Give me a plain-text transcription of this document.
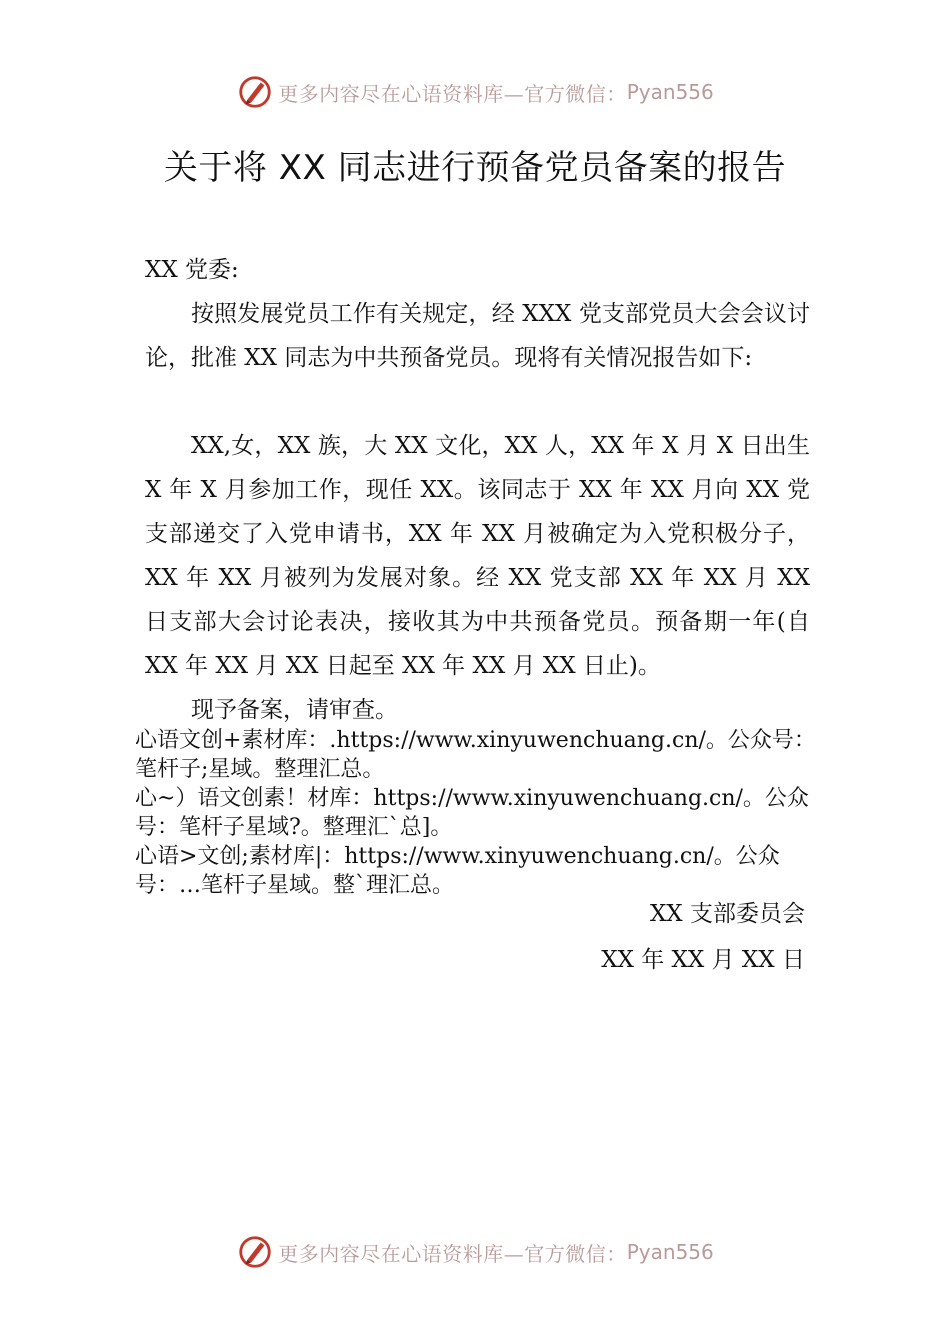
更多内容尽在心语资料库—官方微信： Pyan556
关于将 XX 同志进行预备党员备案的报告
XX 党委:

按照发展党员工作有关规定，经 XXX 党支部党员大会会议讨论，批准 XX 同志为中共预备党员。现将有关情况报告如下:

XX,女，XX 族，大 XX 文化，XX 人，XX 年 X 月 X 日出生 X 年 X 月参加工作，现任 XX。该同志于 XX 年 XX 月向 XX 党支部递交了入党申请书，XX 年 XX 月被确定为入党积极分子，XX 年 XX 月被列为发展对象。经 XX 党支部 XX 年 XX 月 XX 日支部大会讨论表决，接收其为中共预备党员。预备期一年(自 XX 年 XX 月 XX 日起至 XX 年 XX 月 XX 日止)。

现予备案，请审查。

心语文创+素材库：.https://www.xinyuwenchuang.cn/。公众号：笔杆子;星域。整理汇总。

心~）语文创素！材库：https://www.xinyuwenchuang.cn/。公众号：笔杆子星域?。整理汇`总]。

心语>文创;素材库|：https://www.xinyuwenchuang.cn/。公众号：…笔杆子星域。整`理汇总。

XX 支部委员会
XX 年 XX 月 XX 日
更多内容尽在心语资料库—官方微信： Pyan556
